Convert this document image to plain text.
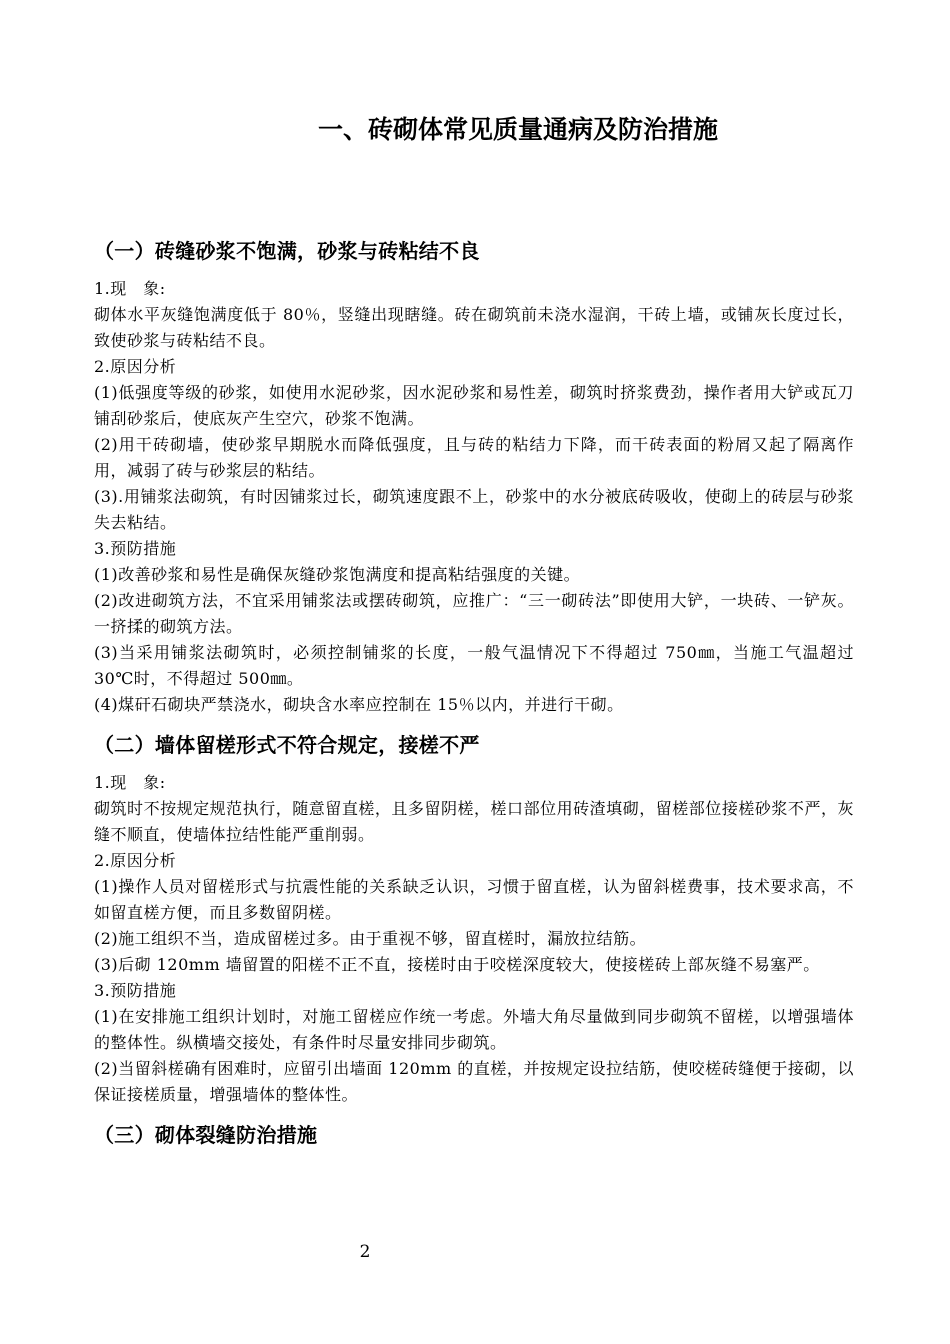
一、砖砌体常见质量通病及防治措施
（一）砖缝砂浆不饱满，砂浆与砖粘结不良

1.现　象:

砌体水平灰缝饱满度低于 80％，竖缝出现瞎缝。砖在砌筑前未浇水湿润，干砖上墙，或铺灰长度过长，致使砂浆与砖粘结不良。

2.原因分析

(1)低强度等级的砂浆，如使用水泥砂浆，因水泥砂浆和易性差，砌筑时挤浆费劲，操作者用大铲或瓦刀铺刮砂浆后，使底灰产生空穴，砂浆不饱满。

(2)用干砖砌墙，使砂浆早期脱水而降低强度，且与砖的粘结力下降，而干砖表面的粉屑又起了隔离作用，减弱了砖与砂浆层的粘结。

(3).用铺浆法砌筑，有时因铺浆过长，砌筑速度跟不上，砂浆中的水分被底砖吸收，使砌上的砖层与砂浆失去粘结。

3.预防措施

(1)改善砂浆和易性是确保灰缝砂浆饱满度和提高粘结强度的关键。

(2)改进砌筑方法，不宜采用铺浆法或摆砖砌筑，应推广：“三一砌砖法”即使用大铲，一块砖、一铲灰。一挤揉的砌筑方法。

(3)当采用铺浆法砌筑时，必须控制铺浆的长度，一般气温情况下不得超过 750㎜，当施工气温超过 30℃时，不得超过 500㎜。

(4)煤矸石砌块严禁浇水，砌块含水率应控制在 15％以内，并进行干砌。

（二）墙体留槎形式不符合规定，接槎不严

1.现　象:

砌筑时不按规定规范执行，随意留直槎，且多留阴槎，槎口部位用砖渣填砌，留槎部位接槎砂浆不严，灰缝不顺直，使墙体拉结性能严重削弱。

2.原因分析

(1)操作人员对留槎形式与抗震性能的关系缺乏认识，习惯于留直槎，认为留斜槎费事，技术要求高，不如留直槎方便，而且多数留阴槎。

(2)施工组织不当，造成留槎过多。由于重视不够，留直槎时，漏放拉结筋。

(3)后砌 120mm 墙留置的阳槎不正不直，接槎时由于咬槎深度较大，使接槎砖上部灰缝不易塞严。

3.预防措施

(1)在安排施工组织计划时，对施工留槎应作统一考虑。外墙大角尽量做到同步砌筑不留槎，以增强墙体的整体性。纵横墙交接处，有条件时尽量安排同步砌筑。

(2)当留斜槎确有困难时，应留引出墙面 120mm 的直槎，并按规定设拉结筋，使咬槎砖缝便于接砌，以保证接槎质量，增强墙体的整体性。

（三）砌体裂缝防治措施
2
